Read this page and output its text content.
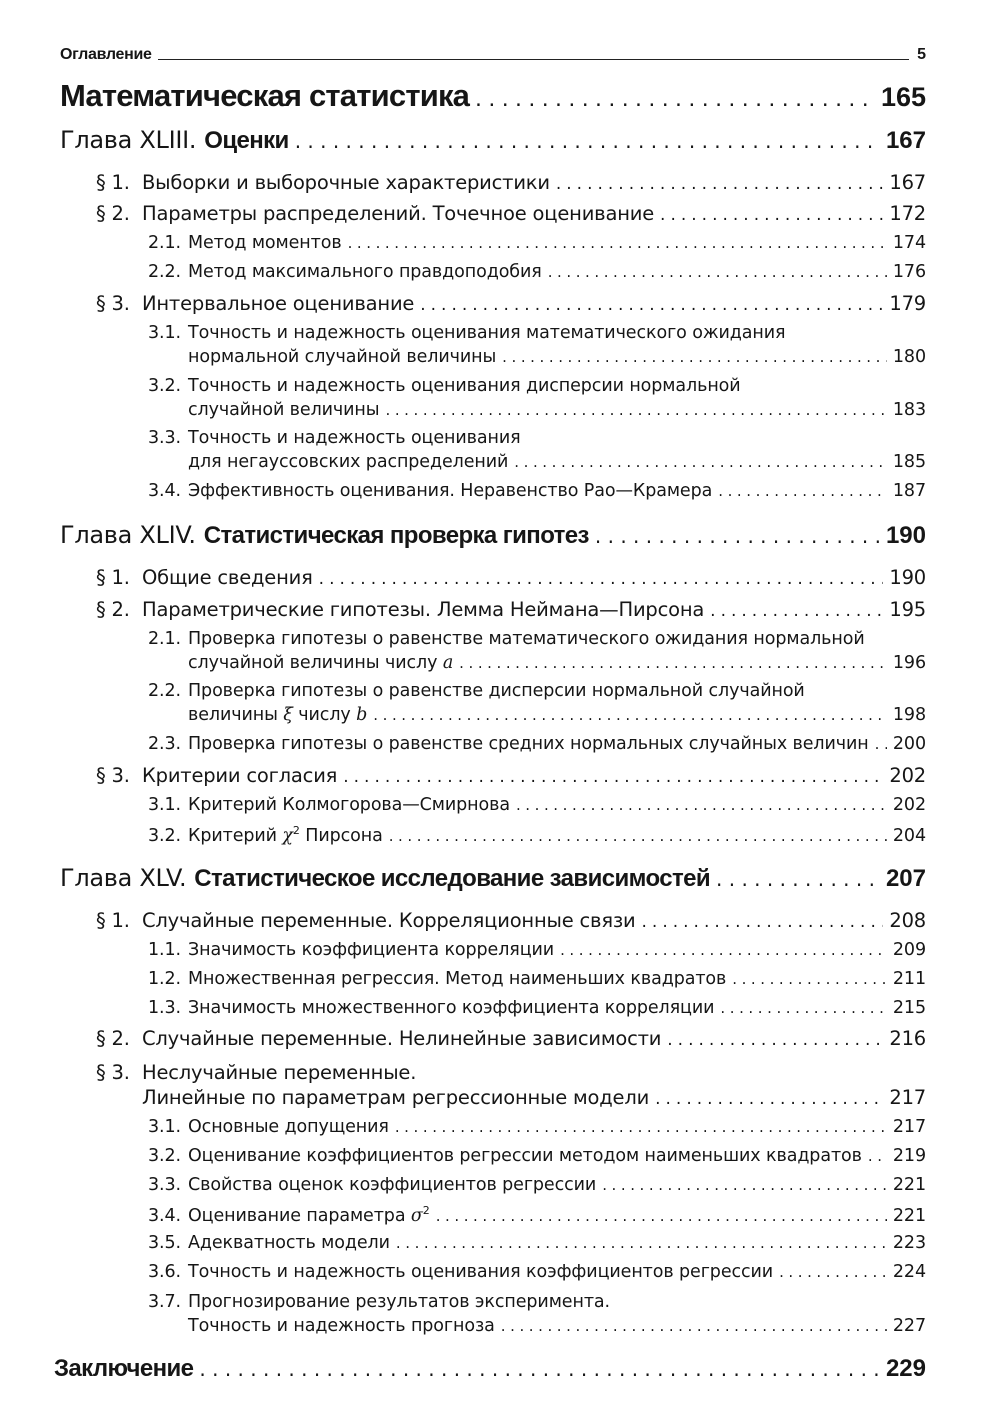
Оглавление	5
Математическая статистика . . .	165
Глава XLIII. Оценки . . .	167
§ 1. Выборки и выборочные характеристики . . .	167
§ 2. Параметры распределений. Точечное оценивание . . .	172
2.1. Метод моментов . . .	174
2.2. Метод максимального правдоподобия . . .	176
§ 3. Интервальное оценивание . . .	179
3.1. Точность и надежность оценивания математического ожидания
нормальной случайной величины . . .	180
3.2. Точность и надежность оценивания дисперсии нормальной
случайной величины . . .	183
3.3. Точность и надежность оценивания
для негауссовских распределений . . .	185
3.4. Эффективность оценивания. Неравенство Рао—Крамера . . .	187
Глава XLIV. Статистическая проверка гипотез . . .	190
§ 1. Общие сведения . . .	190
§ 2. Параметрические гипотезы. Лемма Неймана—Пирсона . . .	195
2.1. Проверка гипотезы о равенстве математического ожидания нормальной
случайной величины числу a . . .	196
2.2. Проверка гипотезы о равенстве дисперсии нормальной случайной
величины ξ числу b . . .	198
2.3. Проверка гипотезы о равенстве средних нормальных случайных величин . . . 200
§ 3. Критерии согласия . . .	202
3.1. Критерий Колмогорова—Смирнова . . .	202
3.2. Критерий $\chi^2$ Пирсона . . .	204
Глава XLV. Статистическое исследование зависимостей . . .	207
§ 1. Случайные переменные. Корреляционные связи . . .	208
1.1. Значимость коэффициента корреляции . . .	209
1.2. Множественная регрессия. Метод наименьших квадратов . . .	211
1.3. Значимость множественного коэффициента корреляции . . .	215
§ 2. Случайные переменные. Нелинейные зависимости . . .	216
§ 3. Неслучайные переменные.
Линейные по параметрам регрессионные модели . . .	217
3.1. Основные допущения . . .	217
3.2. Оценивание коэффициентов регрессии методом наименьших квадратов . . . 219
3.3. Свойства оценок коэффициентов регрессии . . .	221
3.4. Оценивание параметра $\sigma^2$ . . .	221
3.5. Адекватность модели . . .	223
3.6. Точность и надежность оценивания коэффициентов регрессии . . .	224
3.7. Прогнозирование результатов эксперимента.
Точность и надежность прогноза . . .	227
Заключение . . .	229
